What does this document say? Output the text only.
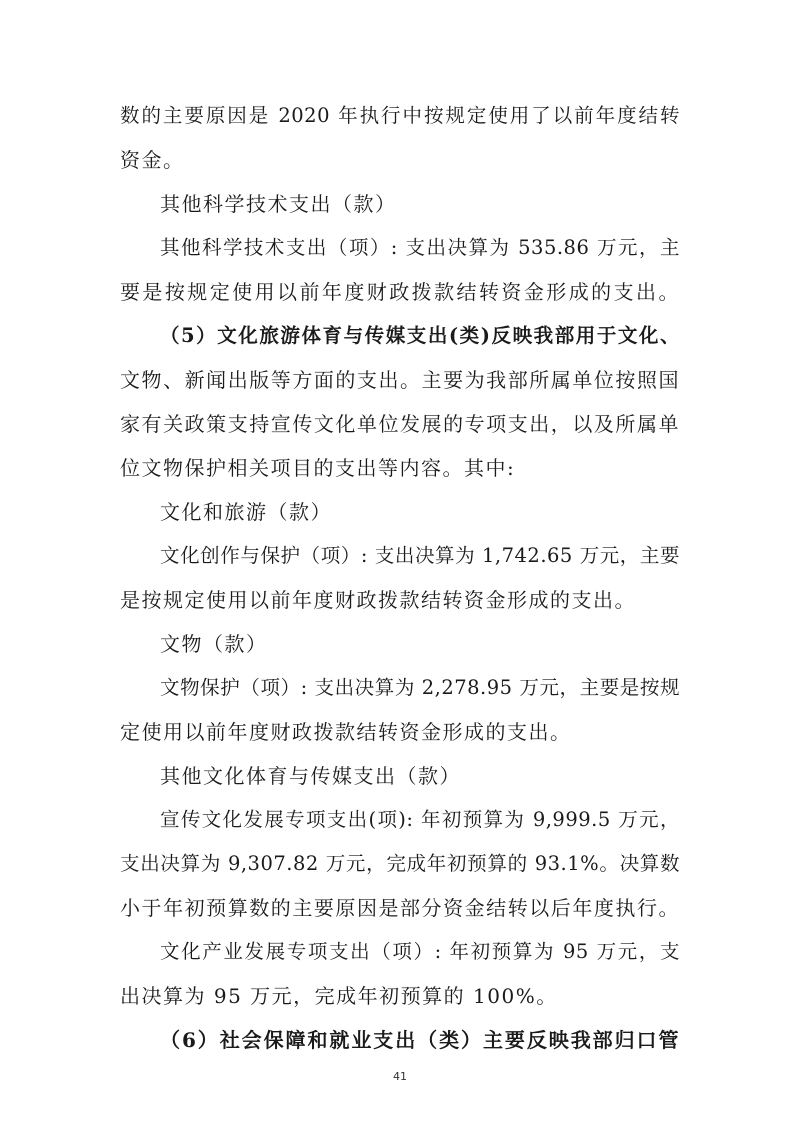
数的主要原因是 2020 年执行中按规定使用了以前年度结转
资金。
其他科学技术支出（款）
其他科学技术支出（项）: 支出决算为 535.86 万元，主
要是按规定使用以前年度财政拨款结转资金形成的支出。
（5）文化旅游体育与传媒支出(类)反映我部用于文化、
文物、新闻出版等方面的支出。主要为我部所属单位按照国
家有关政策支持宣传文化单位发展的专项支出，以及所属单
位文物保护相关项目的支出等内容。其中:
文化和旅游（款）
文化创作与保护（项）: 支出决算为 1,742.65 万元，主要
是按规定使用以前年度财政拨款结转资金形成的支出。
文物（款）
文物保护（项）: 支出决算为 2,278.95 万元，主要是按规
定使用以前年度财政拨款结转资金形成的支出。
其他文化体育与传媒支出（款）
宣传文化发展专项支出(项): 年初预算为 9,999.5 万元，
支出决算为 9,307.82 万元，完成年初预算的 93.1%。决算数
小于年初预算数的主要原因是部分资金结转以后年度执行。
文化产业发展专项支出（项）: 年初预算为 95 万元，支
出决算为 95 万元，完成年初预算的 100%。
（6）社会保障和就业支出（类）主要反映我部归口管
41
